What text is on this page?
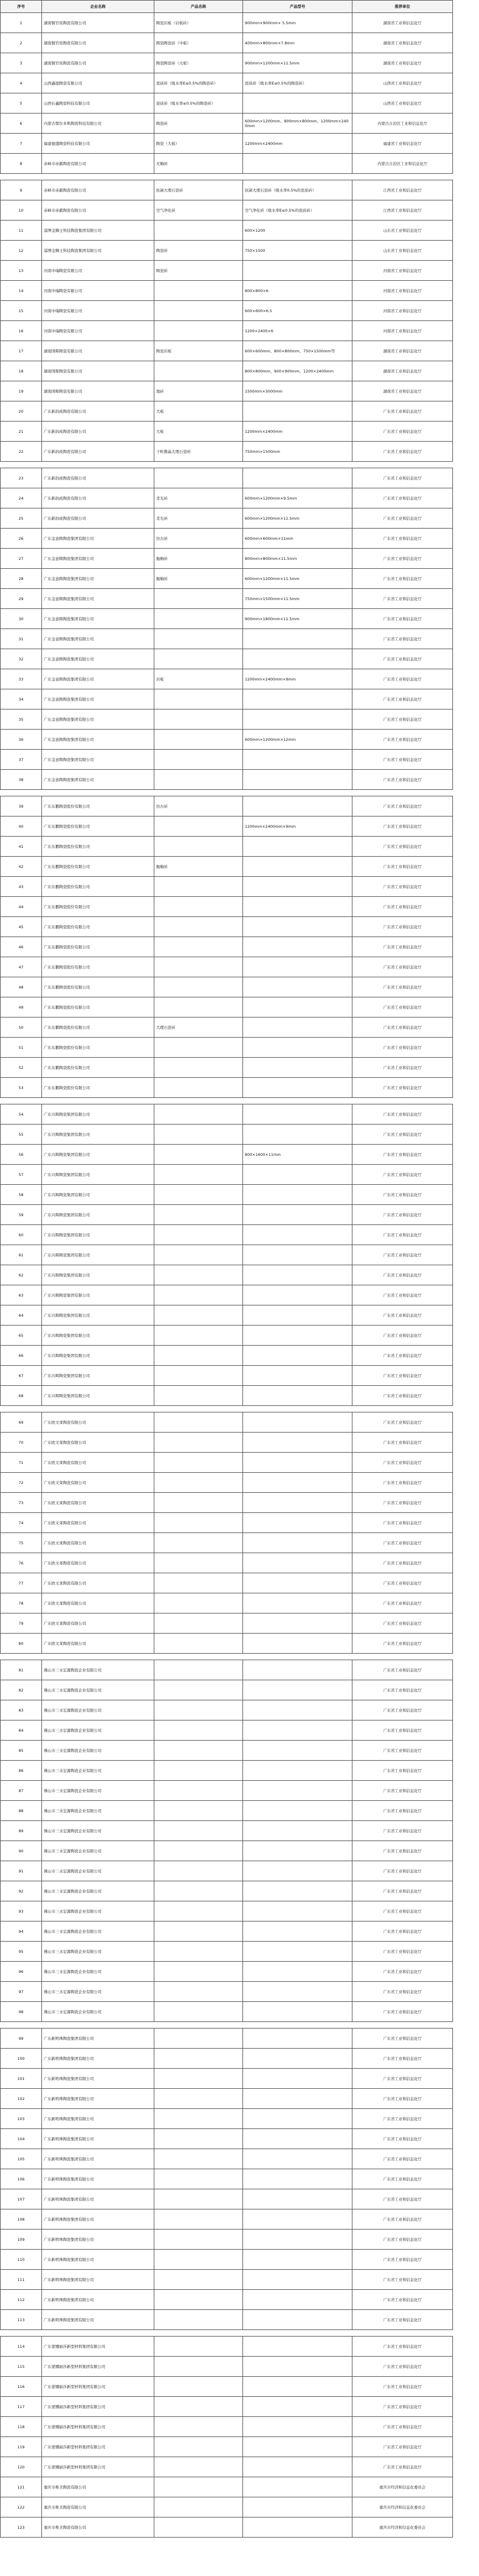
序号	企业名称	产品名称	产品型号	推荐单位
1	湖南铜官窑陶瓷有限公司	陶瓷岩板（岩板砖）	900mm×900mm× 5.5mm	湖南省工业和信息化厅
2	湖南铜官窑陶瓷有限公司	陶瓷陶瓷砖（中板）	400mm×800mm×7.8mm	湖南省工业和信息化厅
3	湖南铜官窑陶瓷有限公司	陶瓷陶瓷砖（大板）	900mm×1200mm×11.5mm	湖南省工业和信息化厅
4	山西鑫德陶瓷有限公司	瓷质砖（吸水率E≤0.5%的陶瓷砖）	瓷质砖（吸水率E≤0.5%的陶瓷砖）	山西省工业和信息化厅
5	山西长鑫陶瓷科技有限公司	瓷质砖（吸水率≤0.5%的陶瓷砖）		山西省工业和信息化厅
6	内蒙古鄂尔多斯陶瓷科技有限公司	陶瓷砖	600mm×1200mm、800mm×800mm、1200mm×2400mm	内蒙古自治区工业和信息化厅
7	福建德盛陶瓷科技有限公司	陶瓷（大板）	1200mm×2400mm	福建省工业和信息化厅
8	赤峰市赤霸陶瓷有限公司	无釉砖		内蒙古自治区工业和信息化厅

9	赤峰市赤霸陶瓷有限公司	抗菌大理石瓷砖	抗菌大理石瓷砖（吸水率0.5%的瓷质砖）	江西省工业和信息化厅
10	赤峰市赤霸陶瓷有限公司	空气净化砖	空气净化砖（吸水率E≤0.5%的瓷质砖）	江西省工业和信息化厅
11	淄博金狮王科技陶瓷集团有限公司		600×1200	山东省工业和信息化厅
12	淄博金狮王科技陶瓷集团有限公司	陶瓷砖	750×1500	山东省工业和信息化厅
13	河南中瑞陶瓷有限公司	陶瓷砖		河南省工业和信息化厅
14	河南中瑞陶瓷有限公司		800×800×6	河南省工业和信息化厅
15	河南中瑞陶瓷有限公司		600×600×6.5	河南省工业和信息化厅
16	河南中瑞陶瓷有限公司		1200×2400×6	河南省工业和信息化厅
17	湖南国晖陶瓷有限公司	陶瓷岩板	600×600mm、800×800mm、750×1500mm等	湖南省工业和信息化厅
18	湖南国晖陶瓷有限公司		800×800mm、900×900mm、1200×2400mm	湖南省工业和信息化厅
19	湖南国晖陶瓷有限公司	地砖	1500mm×3000mm	湖南省工业和信息化厅
20	广东新润成陶瓷有限公司	大板		广东省工业和信息化厅
21	广东新润成陶瓷有限公司	大板	1200mm×2400mm	广东省工业和信息化厅
22	广东新润成陶瓷有限公司	干粒微晶大理石瓷砖	750mm×1500mm	广东省工业和信息化厅

23	广东新润成陶瓷有限公司			广东省工业和信息化厅
24	广东新润成陶瓷有限公司	柔光砖	600mm×1200mm×9.5mm	广东省工业和信息化厅
25	广东新润成陶瓷有限公司	柔光砖	600mm×1200mm×11.5mm	广东省工业和信息化厅
26	广东金意陶陶瓷集团有限公司	仿古砖	600mm×600mm×11mm	广东省工业和信息化厅
27	广东金意陶陶瓷集团有限公司	抛釉砖	800mm×800mm×11.5mm	广东省工业和信息化厅
28	广东金意陶陶瓷集团有限公司	抛釉砖	600mm×1200mm×11.5mm	广东省工业和信息化厅
29	广东金意陶陶瓷集团有限公司		750mm×1500mm×11.5mm	广东省工业和信息化厅
30	广东金意陶陶瓷集团有限公司		900mm×1800mm×11.5mm	广东省工业和信息化厅
31	广东金意陶陶瓷集团有限公司			广东省工业和信息化厅
32	广东金意陶陶瓷集团有限公司			广东省工业和信息化厅
33	广东金意陶陶瓷集团有限公司	岩板	1200mm×2400mm×9mm	广东省工业和信息化厅
34	广东金意陶陶瓷集团有限公司			广东省工业和信息化厅
35	广东金意陶陶瓷集团有限公司			广东省工业和信息化厅
36	广东金意陶陶瓷集团有限公司		600mm×1200mm×12mm	广东省工业和信息化厅
37	广东金意陶陶瓷集团有限公司			广东省工业和信息化厅
38	广东金意陶陶瓷集团有限公司			广东省工业和信息化厅

39	广东东鹏陶瓷股份有限公司	仿古砖		广东省工业和信息化厅
40	广东东鹏陶瓷股份有限公司		1200mm×2400mm×9mm	广东省工业和信息化厅
41	广东东鹏陶瓷股份有限公司			广东省工业和信息化厅
42	广东东鹏陶瓷股份有限公司	抛釉砖		广东省工业和信息化厅
43	广东东鹏陶瓷股份有限公司			广东省工业和信息化厅
44	广东东鹏陶瓷股份有限公司			广东省工业和信息化厅
45	广东东鹏陶瓷股份有限公司			广东省工业和信息化厅
46	广东东鹏陶瓷股份有限公司			广东省工业和信息化厅
47	广东东鹏陶瓷股份有限公司			广东省工业和信息化厅
48	广东东鹏陶瓷股份有限公司			广东省工业和信息化厅
49	广东东鹏陶瓷股份有限公司			广东省工业和信息化厅
50	广东东鹏陶瓷股份有限公司	大理石瓷砖		广东省工业和信息化厅
51	广东东鹏陶瓷股份有限公司			广东省工业和信息化厅
52	广东东鹏陶瓷股份有限公司			广东省工业和信息化厅
53	广东东鹏陶瓷股份有限公司			广东省工业和信息化厅

54	广东兴辉陶瓷集团有限公司			广东省工业和信息化厅
55	广东兴辉陶瓷集团有限公司			广东省工业和信息化厅
56	广东兴辉陶瓷集团有限公司		800×1600×11mm	广东省工业和信息化厅
57	广东兴辉陶瓷集团有限公司			广东省工业和信息化厅
58	广东兴辉陶瓷集团有限公司			广东省工业和信息化厅
59	广东兴辉陶瓷集团有限公司			广东省工业和信息化厅
60	广东兴辉陶瓷集团有限公司			广东省工业和信息化厅
61	广东兴辉陶瓷集团有限公司			广东省工业和信息化厅
62	广东兴辉陶瓷集团有限公司			广东省工业和信息化厅
63	广东兴辉陶瓷集团有限公司			广东省工业和信息化厅
64	广东兴辉陶瓷集团有限公司			广东省工业和信息化厅
65	广东兴辉陶瓷集团有限公司			广东省工业和信息化厅
66	广东兴辉陶瓷集团有限公司			广东省工业和信息化厅
67	广东兴辉陶瓷集团有限公司			广东省工业和信息化厅
68	广东兴辉陶瓷集团有限公司			广东省工业和信息化厅

69	广东欧文莱陶瓷有限公司			广东省工业和信息化厅
70	广东欧文莱陶瓷有限公司			广东省工业和信息化厅
71	广东欧文莱陶瓷有限公司			广东省工业和信息化厅
72	广东欧文莱陶瓷有限公司			广东省工业和信息化厅
73	广东欧文莱陶瓷有限公司			广东省工业和信息化厅
74	广东欧文莱陶瓷有限公司			广东省工业和信息化厅
75	广东欧文莱陶瓷有限公司			广东省工业和信息化厅
76	广东欧文莱陶瓷有限公司			广东省工业和信息化厅
77	广东欧文莱陶瓷有限公司			广东省工业和信息化厅
78	广东欧文莱陶瓷有限公司			广东省工业和信息化厅
79	广东欧文莱陶瓷有限公司			广东省工业和信息化厅
80	广东欧文莱陶瓷有限公司			广东省工业和信息化厅

81	佛山市三水宏源陶瓷企业有限公司			广东省工业和信息化厅
82	佛山市三水宏源陶瓷企业有限公司			广东省工业和信息化厅
83	佛山市三水宏源陶瓷企业有限公司			广东省工业和信息化厅
84	佛山市三水宏源陶瓷企业有限公司			广东省工业和信息化厅
85	佛山市三水宏源陶瓷企业有限公司			广东省工业和信息化厅
86	佛山市三水宏源陶瓷企业有限公司			广东省工业和信息化厅
87	佛山市三水宏源陶瓷企业有限公司			广东省工业和信息化厅
88	佛山市三水宏源陶瓷企业有限公司			广东省工业和信息化厅
89	佛山市三水宏源陶瓷企业有限公司			广东省工业和信息化厅
90	佛山市三水宏源陶瓷企业有限公司			广东省工业和信息化厅
91	佛山市三水宏源陶瓷企业有限公司			广东省工业和信息化厅
92	佛山市三水宏源陶瓷企业有限公司			广东省工业和信息化厅
93	佛山市三水宏源陶瓷企业有限公司			广东省工业和信息化厅
94	佛山市三水宏源陶瓷企业有限公司			广东省工业和信息化厅
95	佛山市三水宏源陶瓷企业有限公司			广东省工业和信息化厅
96	佛山市三水宏源陶瓷企业有限公司			广东省工业和信息化厅
97	佛山市三水宏源陶瓷企业有限公司			广东省工业和信息化厅
98	佛山市三水宏源陶瓷企业有限公司			广东省工业和信息化厅

99	广东新明珠陶瓷集团有限公司			广东省工业和信息化厅
100	广东新明珠陶瓷集团有限公司			广东省工业和信息化厅
101	广东新明珠陶瓷集团有限公司			广东省工业和信息化厅
102	广东新明珠陶瓷集团有限公司			广东省工业和信息化厅
103	广东新明珠陶瓷集团有限公司			广东省工业和信息化厅
104	广东新明珠陶瓷集团有限公司			广东省工业和信息化厅
105	广东新明珠陶瓷集团有限公司			广东省工业和信息化厅
106	广东新明珠陶瓷集团有限公司			广东省工业和信息化厅
107	广东新明珠陶瓷集团有限公司			广东省工业和信息化厅
108	广东新明珠陶瓷集团有限公司			广东省工业和信息化厅
109	广东新明珠陶瓷集团有限公司			广东省工业和信息化厅
110	广东新明珠陶瓷集团有限公司			广东省工业和信息化厅
111	广东新明珠陶瓷集团有限公司			广东省工业和信息化厅
112	广东新明珠陶瓷集团有限公司			广东省工业和信息化厅
113	广东新明珠陶瓷集团有限公司			广东省工业和信息化厅

114	广东蒙娜丽莎新型材料集团有限公司			广东省工业和信息化厅
115	广东蒙娜丽莎新型材料集团有限公司			广东省工业和信息化厅
116	广东蒙娜丽莎新型材料集团有限公司			广东省工业和信息化厅
117	广东蒙娜丽莎新型材料集团有限公司			广东省工业和信息化厅
118	广东蒙娜丽莎新型材料集团有限公司			广东省工业和信息化厅
119	广东蒙娜丽莎新型材料集团有限公司			广东省工业和信息化厅
120	广东蒙娜丽莎新型材料集团有限公司			广东省工业和信息化厅
121	重庆市唯美陶瓷有限公司			重庆市经济和信息化委员会
122	重庆市唯美陶瓷有限公司			重庆市经济和信息化委员会
123	重庆市唯美陶瓷有限公司			重庆市经济和信息化委员会
